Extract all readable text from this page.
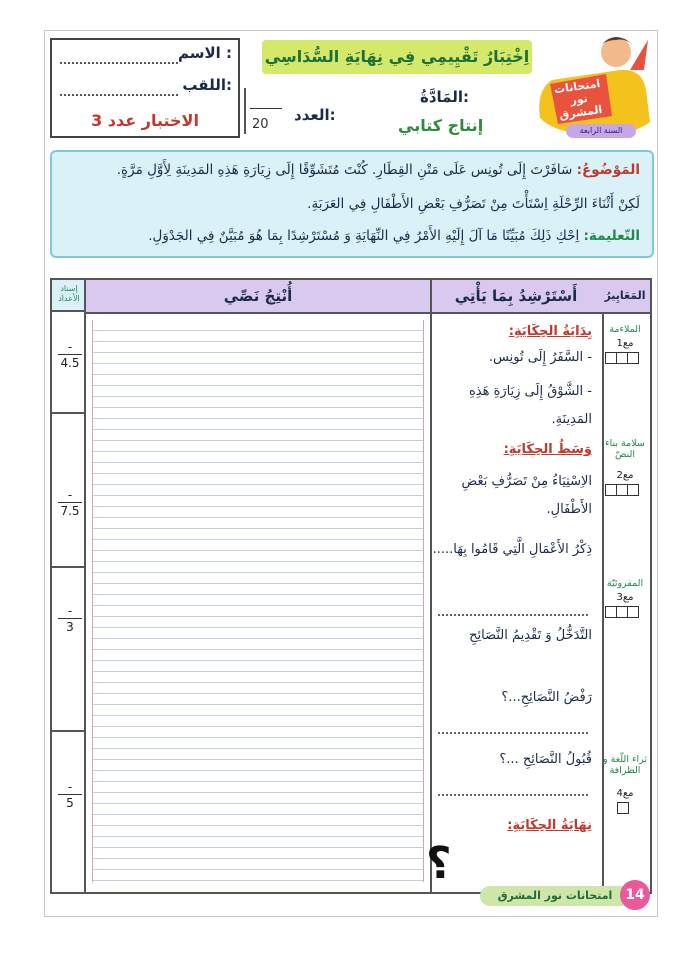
الاسم :
اللقب:
الاختبار عدد 3
اِخْتِبَارُ تَقْيِيمِي فِي نِهَايَةِ السُّدَاسِي
20
العدد:
المَادَّةُ:
إنتاج كتابي
امتحانات
نور المشرق
السنة الرابعة
المَوْضُوعُ: سَافَرْتَ إِلَى تُونِس عَلَى مَتْنِ القِطَارِ. كُنْتَ مُتَشَوِّقًا إِلَى زِيَارَةِ هَذِهِ المَدِينَةِ لِأَوَّلِ مَرَّةٍ.
لَكِنْ أَثْنَاءَ الرِّحْلَةِ اِسْتَأْتَ مِنْ تَصَرُّفِ بَعْضِ الأَطْفَالِ فِي العَرَبَةِ.
التّعليمة: اِحْكِ ذَلِكَ مُبَيِّنًا مَا آلَ إِلَيْهِ الأَمْرُ فِي النِّهَايَةِ وَ مُسْتَرْشِدًا بِمَا هُوَ مُبَيَّنٌ فِي الجَدْوَلِ.
إسناد الأعداد
-
4.5
-
7.5
-
3
-
5
أُنْتِجُ نَصِّي	أَسْتَرْشِدُ بِمَا يَأْتِي
بِدَايَةُ الحِكَايَةِ:
- السَّفَرُ إِلَى تُونِس.
- الشَّوْقُ إِلَى زِيَارَةِ هَذِهِ المَدِينَةِ.
وَسَطُ الحِكَايَةِ:
الاِسْتِيَاءُ مِنْ تَصَرُّفِ بَعْضِ الأَطْفَالِ.
ذِكْرُ الأَعْمَالِ الَّتِي قَامُوا بِهَا.....
التَّدَخُّلُ وَ تَقْدِيمُ النَّصَائِحِ
رَفْضُ النَّصَائِحِ...؟
قُبُولُ النَّصَائِحِ ...؟
نِهَايَةُ الحِكَايَةِ:
؟
المَعَايِيرُ
الملاءمة
مع1
سلامة بناء النصّ
مع2
المقروئيّة
مع3
ثراء اللّغة و الطرافة
مع4
امتحانات نور المشرق 14
